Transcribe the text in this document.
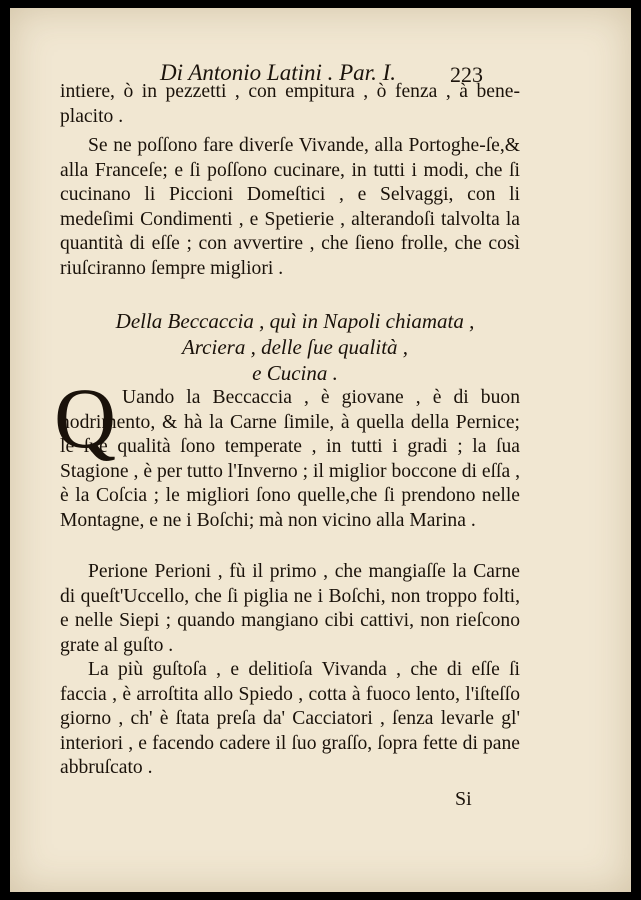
Di Antonio Latini . Par. I. 223

intiere, ò in pezzetti , con empitura , ò fenza , à bene-placito .

Se ne poſſono fare diverſe Vivande, alla Portoghe-ſe,& alla Franceſe; e ſi poſſono cucinare, in tutti i modi, che ſi cucinano li Piccioni Domeſtici , e Selvaggi, con li medeſimi Condimenti , e Spetierie , alterandoſi talvolta la quantità di eſſe ; con avvertire , che ſieno frolle, che così riuſciranno ſempre migliori .

Della Beccaccia , quì in Napoli chiamata ,
Arciera , delle ſue qualità ,
e Cucina .
Q Uando la Beccaccia , è giovane , è di buon nodrimento, & hà la Carne ſimile, à quella della Pernice; le ſue qualità ſono temperate , in tutti i gradi ; la ſua Stagione , è per tutto l'Inverno ; il miglior boccone di eſſa , è la Coſcia ; le migliori ſono quelle,che ſi prendono nelle Montagne, e ne i Boſchi; mà non vicino alla Marina .

Perione Perioni , fù il primo , che mangiaſſe la Carne di queſt'Uccello, che ſi piglia ne i Boſchi, non troppo folti, e nelle Siepi ; quando mangiano cibi cattivi, non rieſcono grate al guſto .

La più guſtoſa , e delitioſa Vivanda , che di eſſe ſi faccia , è arroſtita allo Spiedo , cotta à fuoco lento, l'iſteſſo giorno , ch' è ſtata preſa da' Cacciatori , ſenza levarle gl' interiori , e facendo cadere il ſuo graſſo, ſopra fette di pane abbruſcato .

Si
